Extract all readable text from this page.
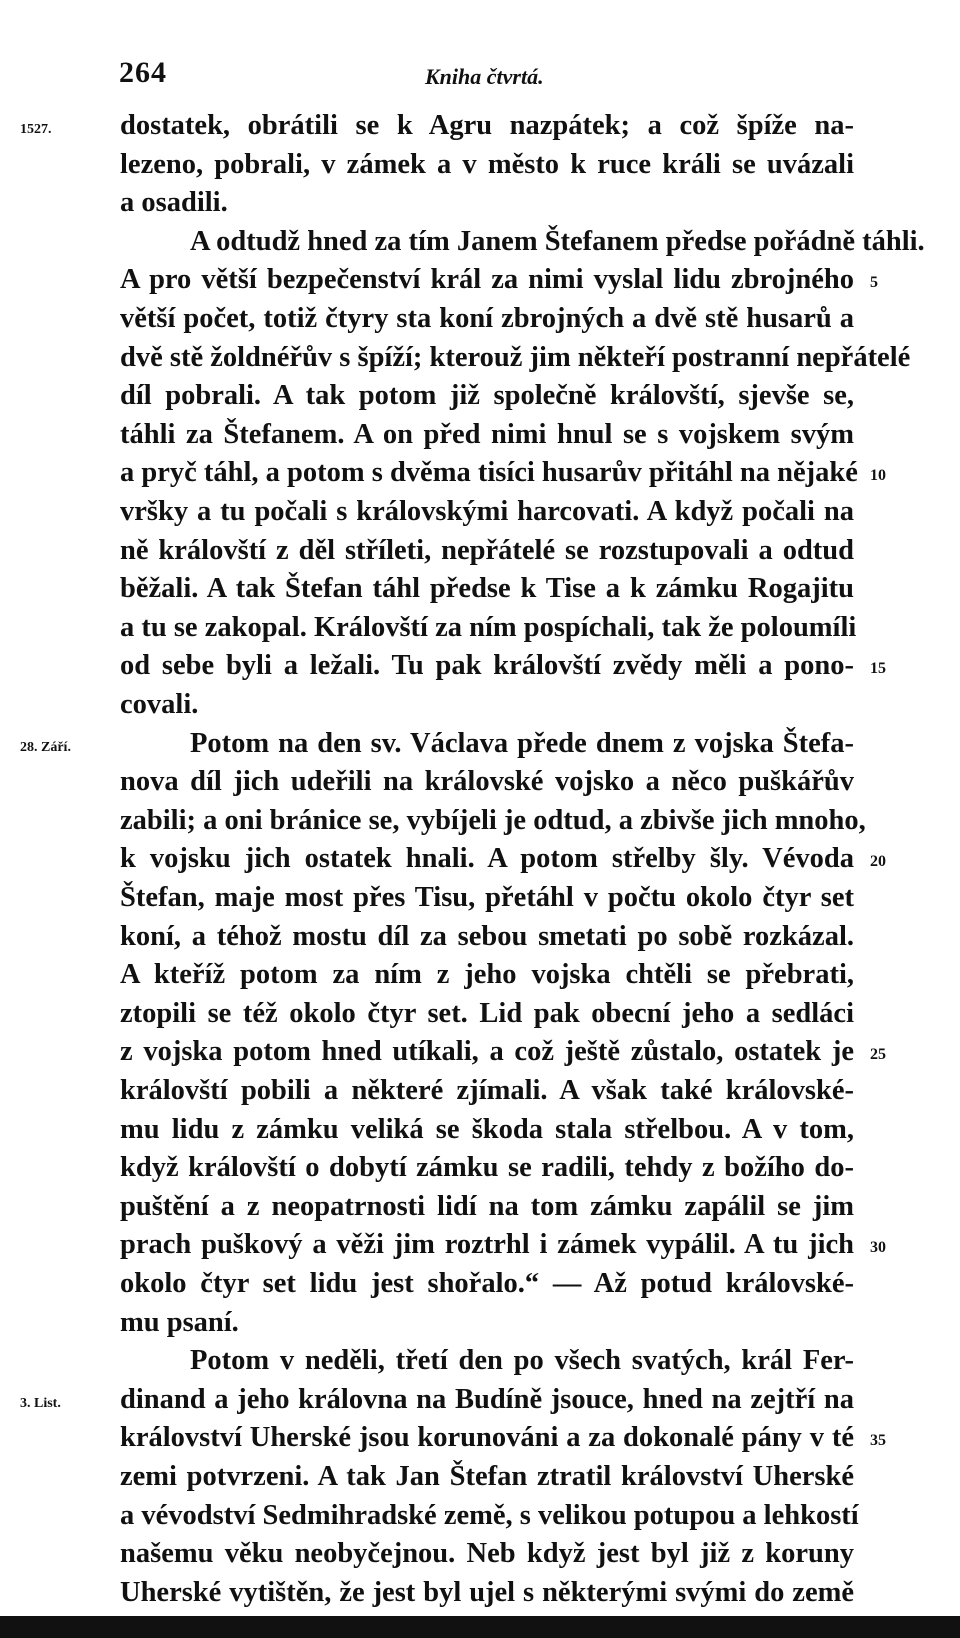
264	Kniha čtvrtá.
dostatek, obrátili se k Agru nazpátek; a což špíže na-
lezeno, pobrali, v zámek a v město k ruce králi se uvázali
a osadili.
A odtudž hned za tím Janem Štefanem předse pořádně táhli.
A pro větší bezpečenství král za nimi vyslal lidu zbrojného
větší počet, totiž čtyry sta koní zbrojných a dvě stě husarů a
dvě stě žoldnéřův s špíží; kterouž jim někteří postranní nepřátelé
díl pobrali. A tak potom již společně královští, sjevše se,
táhli za Štefanem. A on před nimi hnul se s vojskem svým
a pryč táhl, a potom s dvěma tisíci husarův přitáhl na nějaké
vršky a tu počali s královskými harcovati. A když počali na
ně královští z děl stříleti, nepřátelé se rozstupovali a odtud
běžali. A tak Štefan táhl předse k Tise a k zámku Rogajitu
a tu se zakopal. Královští za ním pospíchali, tak že poloumíli
od sebe byli a ležali. Tu pak královští zvědy měli a pono-
covali.
Potom na den sv. Václava přede dnem z vojska Štefa-
nova díl jich udeřili na královské vojsko a něco puškářův
zabili; a oni bránice se, vybíjeli je odtud, a zbivše jich mnoho,
k vojsku jich ostatek hnali. A potom střelby šly. Vévoda
Štefan, maje most přes Tisu, přetáhl v počtu okolo čtyr set
koní, a téhož mostu díl za sebou smetati po sobě rozkázal.
A kteříž potom za ním z jeho vojska chtěli se přebrati,
ztopili se též okolo čtyr set. Lid pak obecní jeho a sedláci
z vojska potom hned utíkali, a což ještě zůstalo, ostatek je
královští pobili a některé zjímali. A však také královské-
mu lidu z zámku veliká se škoda stala střelbou. A v tom,
když královští o dobytí zámku se radili, tehdy z božího do-
puštění a z neopatrnosti lidí na tom zámku zapálil se jim
prach puškový a věži jim roztrhl i zámek vypálil. A tu jich
okolo čtyr set lidu jest shořalo.“ — Až potud královské-
mu psaní.
Potom v neděli, třetí den po všech svatých, král Fer-
dinand a jeho královna na Budíně jsouce, hned na zejtří na
království Uherské jsou korunováni a za dokonalé pány v té
zemi potvrzeni. A tak Jan Štefan ztratil království Uherské
a vévodství Sedmihradské země, s velikou potupou a lehkostí
našemu věku neobyčejnou. Neb když jest byl již z koruny
Uherské vytištěn, že jest byl ujel s některými svými do země
1527.
28. Září.
3. List.
5
10
15
20
25
30
35
